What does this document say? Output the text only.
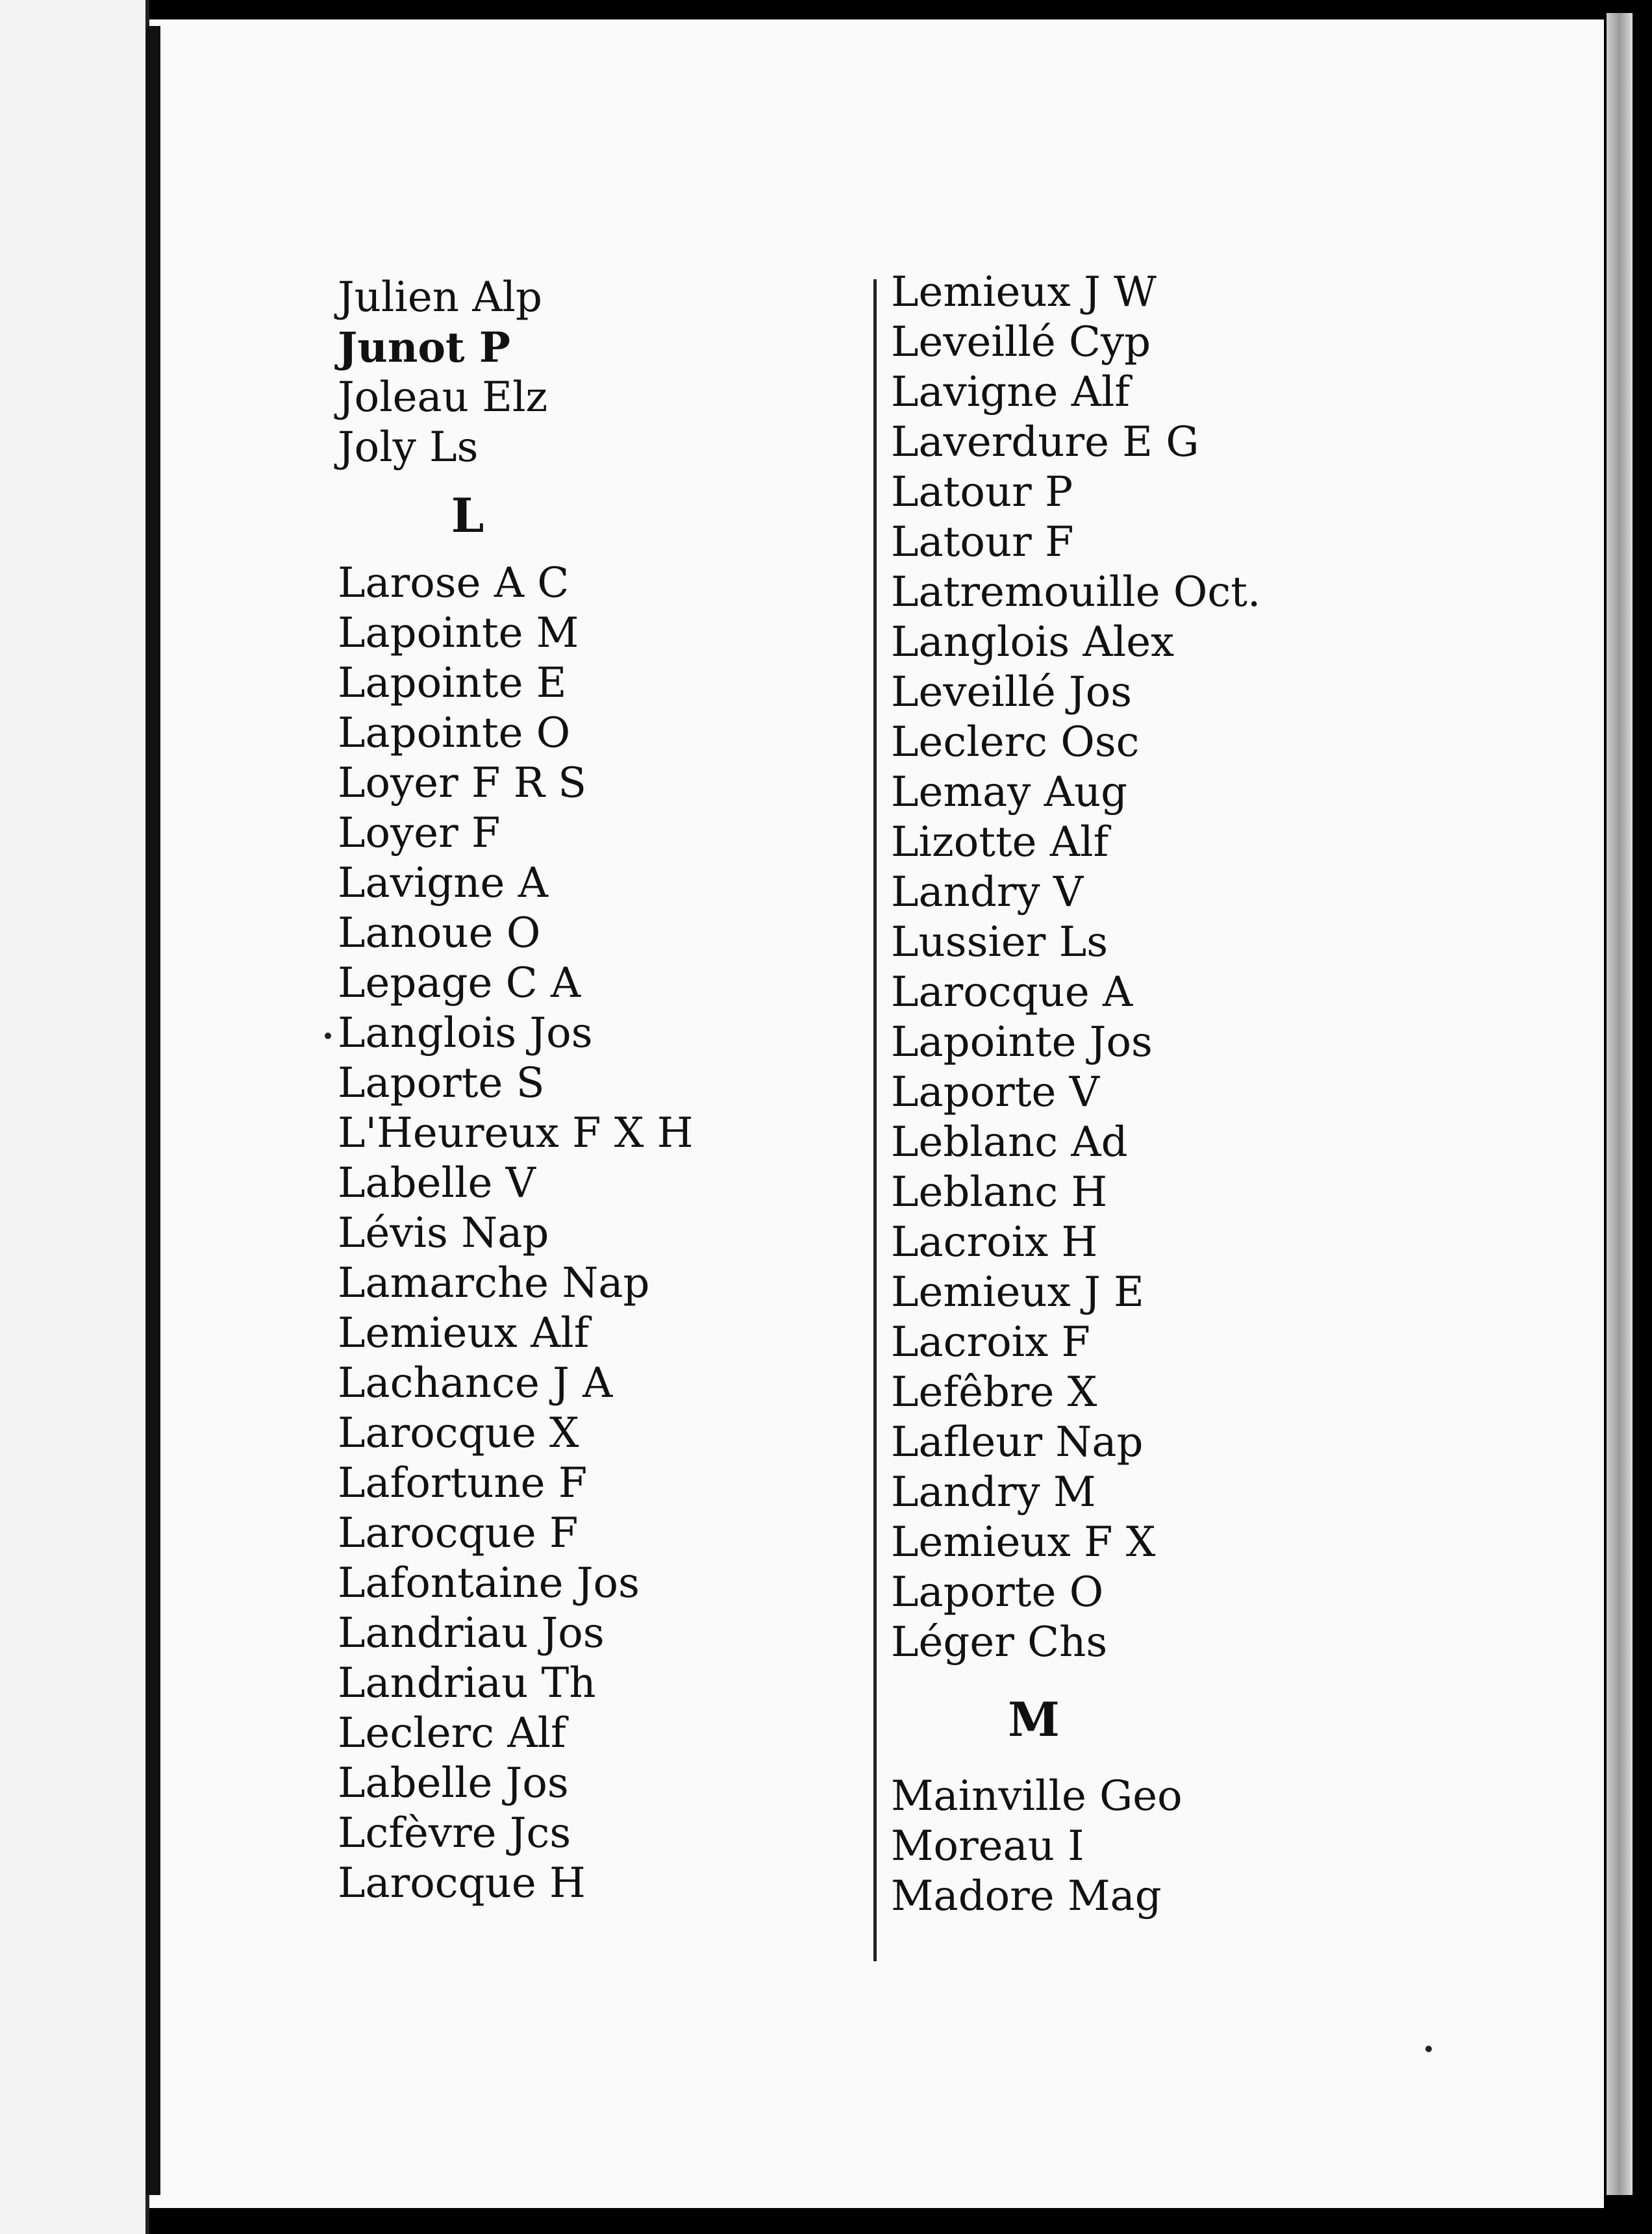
Julien Alp
Junot P
Joleau Elz
Joly Ls
L
Larose A C
Lapointe M
Lapointe E
Lapointe O
Loyer F R S
Loyer F
Lavigne A
Lanoue O
Lepage C A
Langlois Jos
Laporte S
L'Heureux F X H
Labelle V
Lévis Nap
Lamarche Nap
Lemieux Alf
Lachance J A
Larocque X
Lafortune F
Larocque F
Lafontaine Jos
Landriau Jos
Landriau Th
Leclerc Alf
Labelle Jos
Lcfèvre Jcs
Larocque H
Lemieux J W
Leveillé Cyp
Lavigne Alf
Laverdure E G
Latour P
Latour F
Latremouille Oct.
Langlois Alex
Leveillé Jos
Leclerc Osc
Lemay Aug
Lizotte Alf
Landry V
Lussier Ls
Larocque A
Lapointe Jos
Laporte V
Leblanc Ad
Leblanc H
Lacroix H
Lemieux J E
Lacroix F
Lefêbre X
Lafleur Nap
Landry M
Lemieux F X
Laporte O
Léger Chs
M
Mainville Geo
Moreau I
Madore Mag
